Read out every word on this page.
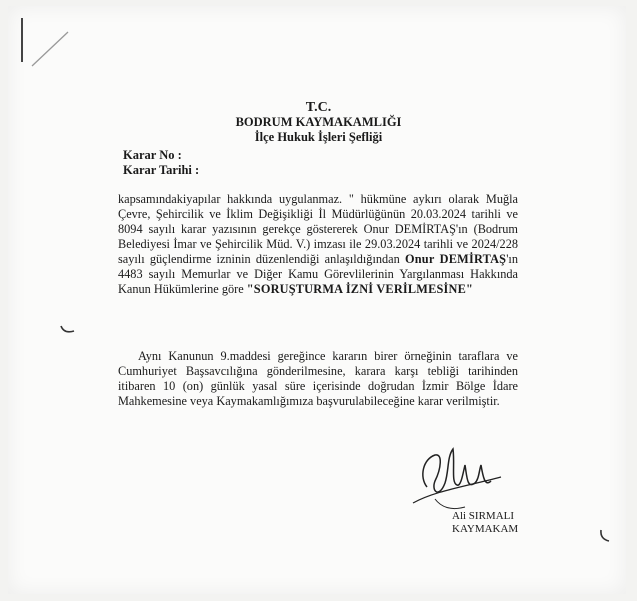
T.C.
BODRUM KAYMAKAMLIĞI
İlçe Hukuk İşleri Şefliği
Karar No :
Karar Tarihi :
kapsamındakiyapılar hakkında uygulanmaz. " hükmüne aykırı olarak Muğla Çevre, Şehircilik ve İklim Değişikliği İl Müdürlüğünün 20.03.2024 tarihli ve 8094 sayılı karar yazısının gerekçe göstererek Onur DEMİRTAŞ'ın (Bodrum Belediyesi İmar ve Şehircilik Müd. V.) imzası ile 29.03.2024 tarihli ve 2024/228 sayılı güçlendirme izninin düzenlendiği anlaşıldığından Onur DEMİRTAŞ'ın 4483 sayılı Memurlar ve Diğer Kamu Görevlilerinin Yargılanması Hakkında Kanun Hükümlerine göre "SORUŞTURMA İZNİ VERİLMESİNE"
Aynı Kanunun 9.maddesi gereğince kararın birer örneğinin taraflara ve Cumhuriyet Başsavcılığına gönderilmesine, karara karşı tebliği tarihinden itibaren 10 (on) günlük yasal süre içerisinde doğrudan İzmir Bölge İdare Mahkemesine veya Kaymakamlığımıza başvurulabileceğine karar verilmiştir.
Ali SIRMALI
KAYMAKAM
